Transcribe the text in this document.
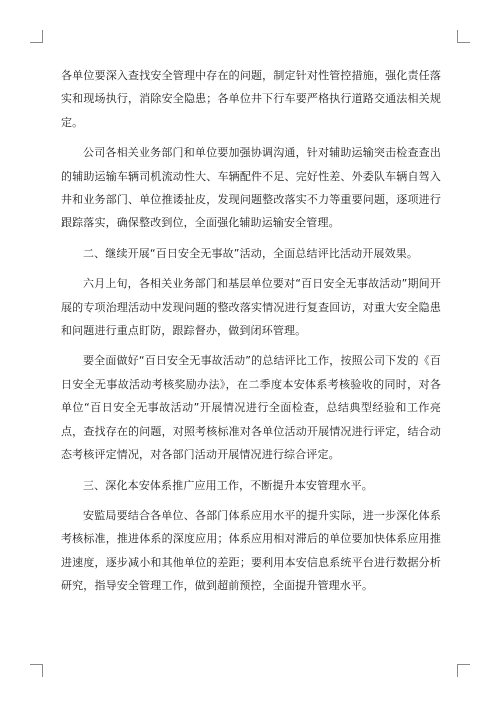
各单位要深入查找安全管理中存在的问题，制定针对性管控措施，强化责任落实和现场执行，消除安全隐患；各单位井下行车要严格执行道路交通法相关规定。

公司各相关业务部门和单位要加强协调沟通，针对辅助运输突击检查查出的辅助运输车辆司机流动性大、车辆配件不足、完好性差、外委队车辆自驾入井和业务部门、单位推诿扯皮，发现问题整改落实不力等重要问题，逐项进行跟踪落实，确保整改到位，全面强化辅助运输安全管理。

二、继续开展“百日安全无事故”活动，全面总结评比活动开展效果。

六月上旬，各相关业务部门和基层单位要对“百日安全无事故活动”期间开展的专项治理活动中发现问题的整改落实情况进行复查回访，对重大安全隐患和问题进行重点盯防，跟踪督办，做到闭环管理。

要全面做好“百日安全无事故活动”的总结评比工作，按照公司下发的《百日安全无事故活动考核奖励办法》，在二季度本安体系考核验收的同时，对各单位“百日安全无事故活动”开展情况进行全面检查，总结典型经验和工作亮点，查找存在的问题，对照考核标准对各单位活动开展情况进行评定，结合动态考核评定情况，对各部门活动开展情况进行综合评定。

三、深化本安体系推广应用工作，不断提升本安管理水平。

安監局要结合各单位、各部门体系应用水平的提升实际，进一步深化体系考核标准，推进体系的深度应用；体系应用相对滞后的单位要加快体系应用推进速度，逐步减小和其他单位的差距；要利用本安信息系统平台进行数据分析研究，指导安全管理工作，做到超前预控，全面提升管理水平。
